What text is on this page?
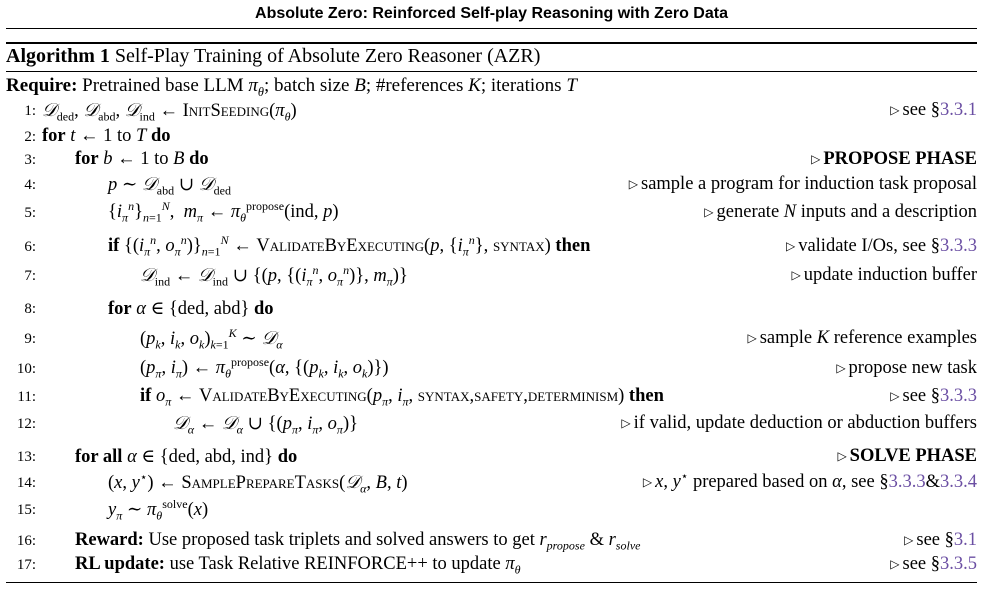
Absolute Zero: Reinforced Self-play Reasoning with Zero Data
Algorithm 1 Self-Play Training of Absolute Zero Reasoner (AZR)
Require: Pretrained base LLM $\pi_\theta$; batch size B; #references K; iterations T
1: 𝒟$_{ded}$, 𝒟$_{abd}$, 𝒟$_{ind}$ ← $InitSeeding(\pi_\theta)$	▷ see §3.3.1
2: for t ← 1 to T do
3: for b ← 1 to B do	▷ PROPOSE PHASE
4:	p ∼ 𝒟$_{abd}$ ∪ 𝒟$_{ded}$	▷ sample a program for induction task proposal
5:	$\{i_\pi^n\}_{n=1}^N$,  $m_\pi$ ← $\pi_\theta^{propose}(ind$, p)	▷ generate N inputs and a description
6:	if {($i_\pi^n$, $o_\pi^n)\}_{n=1}^N$ ← ValidateByExecuting(p, $\{i_\pi^n\}$, syntax) then	▷ validate I/Os, see §3.3.3
7:	𝒟$_{ind}$ ← 𝒟$_{ind}$ ∪ {(p, {($i_\pi^n$, $o_\pi^n$)}, $m_\pi$)}	▷ update induction buffer
8:	for α ∈ {ded, abd} do
9:	($p_k$, $i_k$, $o_k)_{k=1}^K$ ∼ 𝒟$_\alpha$	▷ sample K reference examples
10:	($p_\pi$, $i_\pi$) ← $\pi_\theta^{propose}(\alpha$, {($p_k$, $i_k$, $o_k$)})	▷ propose new task
11:	if $o_\pi$ ← $ValidateByExecuting(p_\pi$, $i_\pi$, syntax,safety,determinism) then	▷ see §3.3.3
12:	𝒟$_\alpha$ ← 𝒟$_\alpha$ ∪ {($p_\pi$, $i_\pi$, $o_\pi$)}	▷ if valid, update deduction or abduction buffers
13: for all α ∈ {ded, abd, ind} do	▷ SOLVE PHASE
14:	(x, y⋆) ← SamplePrepareTasks(𝒟$_\alpha$, B, t)	▷ x, y⋆ prepared based on α, see §3.3.3&3.3.4
15:	$y_\pi$ ∼ $\pi_\theta^{solve}(x)$
16: Reward: Use proposed task triplets and solved answers to get $r_{propose}$ & $r_{solve}$	▷ see §3.1
17: RL update: use Task Relative REINFORCE++ to update $\pi_\theta$	▷ see §3.3.5
